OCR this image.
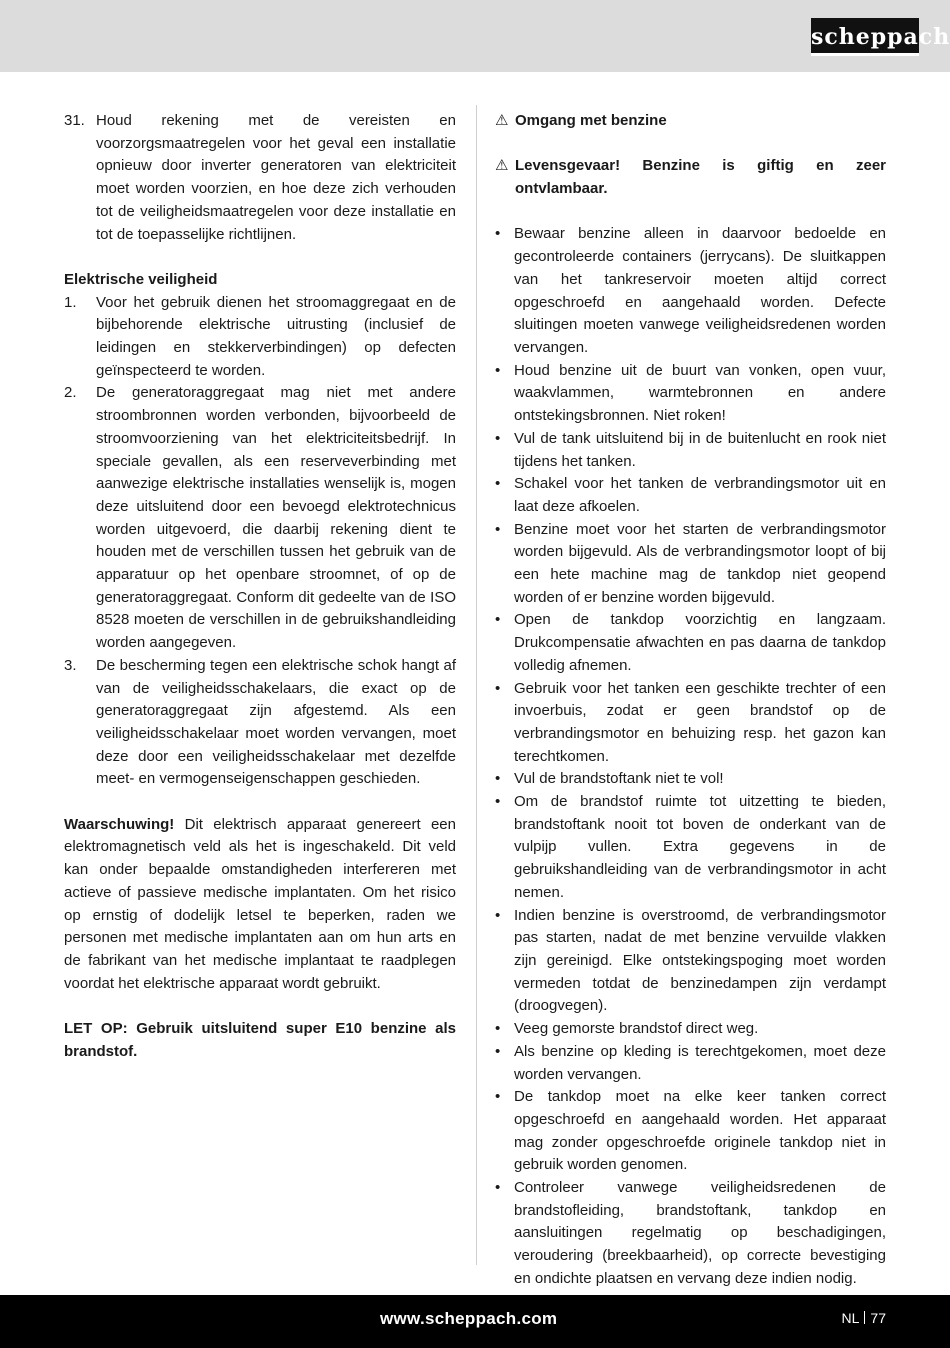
scheppach
31. Houd rekening met de vereisten en voorzorgsmaatregelen voor het geval een installatie opnieuw door inverter generatoren van elektriciteit moet worden voorzien, en hoe deze zich verhouden tot de veiligheidsmaatregelen voor deze installatie en tot de toepasselijke richtlijnen.
Elektrische veiligheid
1. Voor het gebruik dienen het stroomaggregaat en de bijbehorende elektrische uitrusting (inclusief de leidingen en stekkerverbindingen) op defecten geïnspecteerd te worden.
2. De generatoraggregaat mag niet met andere stroombronnen worden verbonden, bijvoorbeeld de stroomvoorziening van het elektriciteitsbedrijf. In speciale gevallen, als een reserveverbinding met aanwezige elektrische installaties wenselijk is, mogen deze uitsluitend door een bevoegd elektrotechnicus worden uitgevoerd, die daarbij rekening dient te houden met de verschillen tussen het gebruik van de apparatuur op het openbare stroomnet, of op de generatoraggregaat. Conform dit gedeelte van de ISO 8528 moeten de verschillen in de gebruikshandleiding worden aangegeven.
3. De bescherming tegen een elektrische schok hangt af van de veiligheidsschakelaars, die exact op de generatoraggregaat zijn afgestemd. Als een veiligheidsschakelaar moet worden vervangen, moet deze door een veiligheidsschakelaar met dezelfde meet- en vermogenseigenschappen geschieden.
Waarschuwing! Dit elektrisch apparaat genereert een elektromagnetisch veld als het is ingeschakeld. Dit veld kan onder bepaalde omstandigheden interfereren met actieve of passieve medische implantaten. Om het risico op ernstig of dodelijk letsel te beperken, raden we personen met medische implantaten aan om hun arts en de fabrikant van het medische implantaat te raadplegen voordat het elektrische apparaat wordt gebruikt.
LET OP: Gebruik uitsluitend super E10 benzine als brandstof.
⚠ Omgang met benzine
⚠ Levensgevaar! Benzine is giftig en zeer ontvlambaar.
• Bewaar benzine alleen in daarvoor bedoelde en gecontroleerde containers (jerrycans). De sluitkappen van het tankreservoir moeten altijd correct opgeschroefd en aangehaald worden. Defecte sluitingen moeten vanwege veiligheidsredenen worden vervangen.
• Houd benzine uit de buurt van vonken, open vuur, waakvlammen, warmtebronnen en andere ontstekingsbronnen. Niet roken!
• Vul de tank uitsluitend bij in de buitenlucht en rook niet tijdens het tanken.
• Schakel voor het tanken de verbrandingsmotor uit en laat deze afkoelen.
• Benzine moet voor het starten de verbrandingsmotor worden bijgevuld. Als de verbrandingsmotor loopt of bij een hete machine mag de tankdop niet geopend worden of er benzine worden bijgevuld.
• Open de tankdop voorzichtig en langzaam. Drukcompensatie afwachten en pas daarna de tankdop volledig afnemen.
• Gebruik voor het tanken een geschikte trechter of een invoerbuis, zodat er geen brandstof op de verbrandingsmotor en behuizing resp. het gazon kan terechtkomen.
• Vul de brandstoftank niet te vol!
• Om de brandstof ruimte tot uitzetting te bieden, brandstoftank nooit tot boven de onderkant van de vulpijp vullen. Extra gegevens in de gebruikshandleiding van de verbrandingsmotor in acht nemen.
• Indien benzine is overstroomd, de verbrandingsmotor pas starten, nadat de met benzine vervuilde vlakken zijn gereinigd. Elke ontstekingspoging moet worden vermeden totdat de benzinedampen zijn verdampt (droogvegen).
• Veeg gemorste brandstof direct weg.
• Als benzine op kleding is terechtgekomen, moet deze worden vervangen.
• De tankdop moet na elke keer tanken correct opgeschroefd en aangehaald worden. Het apparaat mag zonder opgeschroefde originele tankdop niet in gebruik worden genomen.
• Controleer vanwege veiligheidsredenen de brandstofleiding, brandstoftank, tankdop en aansluitingen regelmatig op beschadigingen, veroudering (breekbaarheid), op correcte bevestiging en ondichte plaatsen en vervang deze indien nodig.
www.scheppach.com	NL 77
